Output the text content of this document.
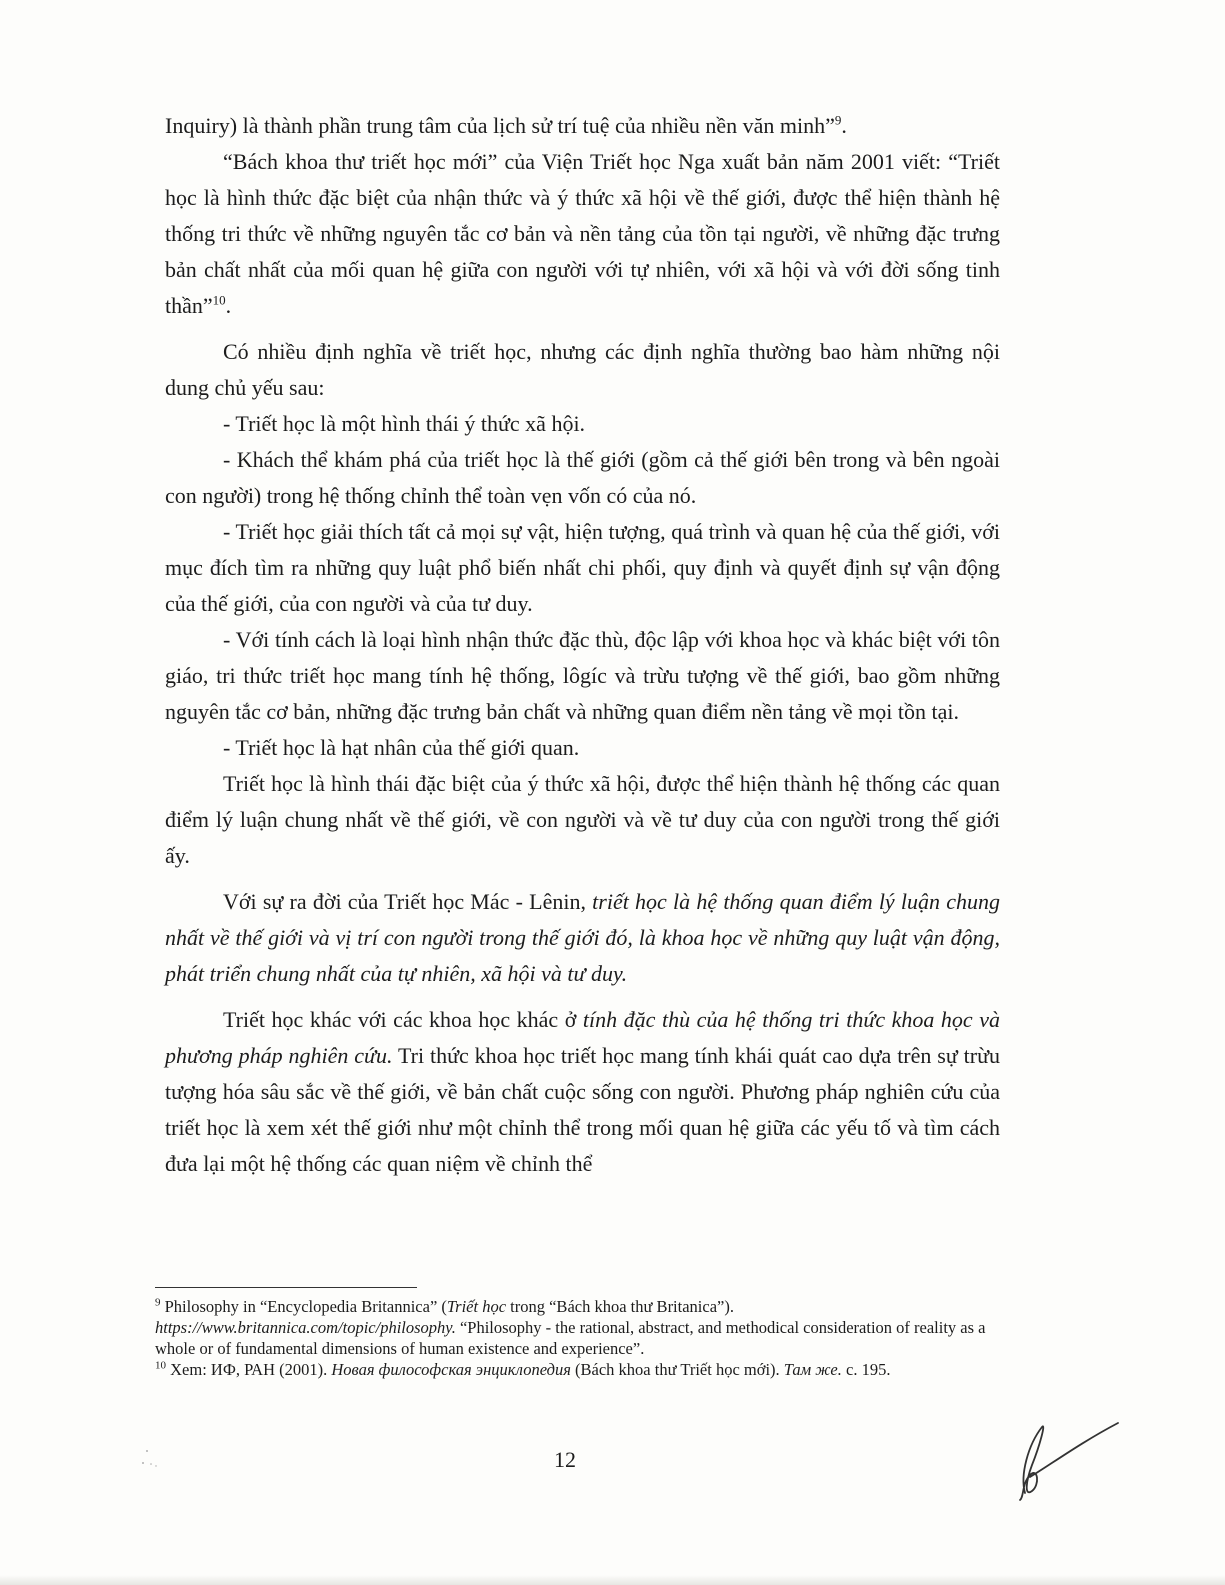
Inquiry) là thành phần trung tâm của lịch sử trí tuệ của nhiều nền văn minh”$^9$.

“Bách khoa thư triết học mới” của Viện Triết học Nga xuất bản năm 2001 viết: “Triết học là hình thức đặc biệt của nhận thức và ý thức xã hội về thế giới, được thể hiện thành hệ thống tri thức về những nguyên tắc cơ bản và nền tảng của tồn tại người, về những đặc trưng bản chất nhất của mối quan hệ giữa con người với tự nhiên, với xã hội và với đời sống tinh thần”$^{10}$.

Có nhiều định nghĩa về triết học, nhưng các định nghĩa thường bao hàm những nội dung chủ yếu sau:

- Triết học là một hình thái ý thức xã hội.

- Khách thể khám phá của triết học là thế giới (gồm cả thế giới bên trong và bên ngoài con người) trong hệ thống chỉnh thể toàn vẹn vốn có của nó.

- Triết học giải thích tất cả mọi sự vật, hiện tượng, quá trình và quan hệ của thế giới, với mục đích tìm ra những quy luật phổ biến nhất chi phối, quy định và quyết định sự vận động của thế giới, của con người và của tư duy.

- Với tính cách là loại hình nhận thức đặc thù, độc lập với khoa học và khác biệt với tôn giáo, tri thức triết học mang tính hệ thống, lôgíc và trừu tượng về thế giới, bao gồm những nguyên tắc cơ bản, những đặc trưng bản chất và những quan điểm nền tảng về mọi tồn tại.

- Triết học là hạt nhân của thế giới quan.

Triết học là hình thái đặc biệt của ý thức xã hội, được thể hiện thành hệ thống các quan điểm lý luận chung nhất về thế giới, về con người và về tư duy của con người trong thế giới ấy.

Với sự ra đời của Triết học Mác - Lênin, triết học là hệ thống quan điểm lý luận chung nhất về thế giới và vị trí con người trong thế giới đó, là khoa học về những quy luật vận động, phát triển chung nhất của tự nhiên, xã hội và tư duy.

Triết học khác với các khoa học khác ở tính đặc thù của hệ thống tri thức khoa học và phương pháp nghiên cứu. Tri thức khoa học triết học mang tính khái quát cao dựa trên sự trừu tượng hóa sâu sắc về thế giới, về bản chất cuộc sống con người. Phương pháp nghiên cứu của triết học là xem xét thế giới như một chỉnh thể trong mối quan hệ giữa các yếu tố và tìm cách đưa lại một hệ thống các quan niệm về chỉnh thể

$^9$ Philosophy in “Encyclopedia Britannica” (Triết học trong “Bách khoa thư Britanica”). https://www.britannica.com/topic/philosophy. “Philosophy - the rational, abstract, and methodical consideration of reality as a whole or of fundamental dimensions of human existence and experience”.

$^{10}$ Xem: ИФ, РАН (2001). Новая философская энциклопедия (Bách khoa thư Triết học mới). Там же. с. 195.

12
